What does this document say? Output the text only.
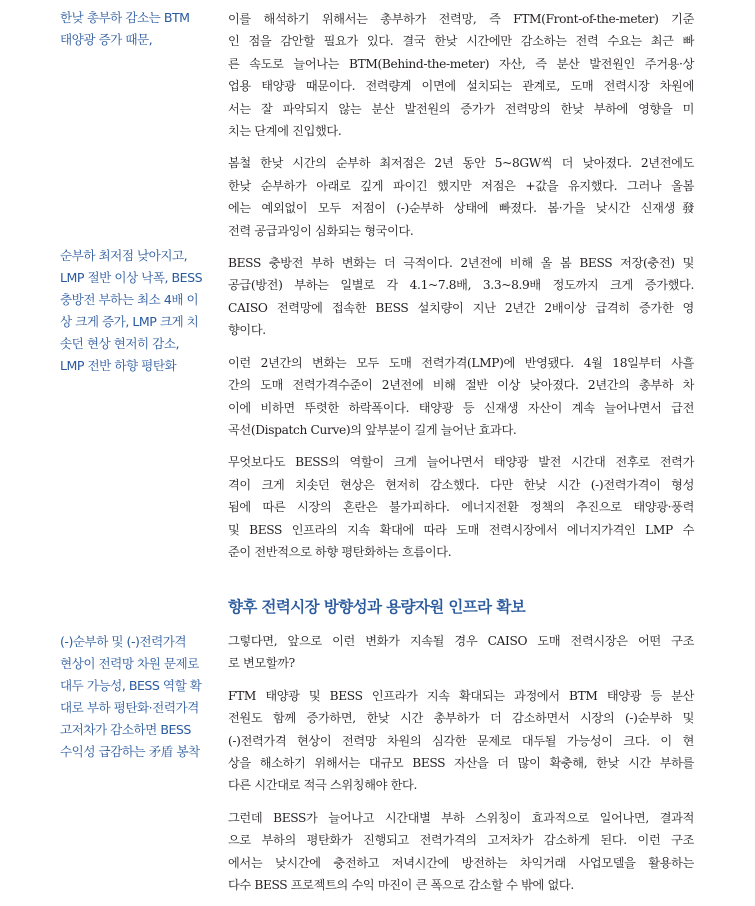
한낮 총부하 감소는 BTM
태양광 증가 때문,
순부하 최저점 낮아지고,
LMP 절반 이상 낙폭, BESS
충방전 부하는 최소 4배 이
상 크게 증가, LMP 크게 치
솟던 현상 현저히 감소,
LMP 전반 하향 평탄화
(-)순부하 및 (-)전력가격
현상이 전력망 차원 문제로
대두 가능성, BESS 역할 확
대로 부하 평탄화·전력가격
고저차가 감소하면 BESS
수익성 급감하는 矛盾 봉착
이를 해석하기 위해서는 총부하가 전력망, 즉 FTM(Front-of-the-meter) 기준
인 점을 감안할 필요가 있다. 결국 한낮 시간에만 감소하는 전력 수요는 최근 빠
른 속도로 늘어나는 BTM(Behind-the-meter) 자산, 즉 분산 발전원인 주거용·상
업용 태양광 때문이다. 전력량계 이면에 설치되는 관계로, 도매 전력시장 차원에
서는 잘 파악되지 않는 분산 발전원의 증가가 전력망의 한낮 부하에 영향을 미
치는 단계에 진입했다.
봄철 한낮 시간의 순부하 최저점은 2년 동안 5~8GW씩 더 낮아졌다. 2년전에도
한낮 순부하가 아래로 깊게 파이긴 했지만 저점은 +값을 유지했다. 그러나 올봄
에는 예외없이 모두 저점이 (-)순부하 상태에 빠졌다. 봄·가을 낮시간 신재생發
전력 공급과잉이 심화되는 형국이다.
BESS 충방전 부하 변화는 더 극적이다. 2년전에 비해 올 봄 BESS 저장(충전) 및
공급(방전) 부하는 일별로 각 4.1~7.8배, 3.3~8.9배 정도까지 크게 증가했다.
CAISO 전력망에 접속한 BESS 설치량이 지난 2년간 2배이상 급격히 증가한 영
향이다.
이런 2년간의 변화는 모두 도매 전력가격(LMP)에 반영됐다. 4월 18일부터 사흘
간의 도매 전력가격수준이 2년전에 비해 절반 이상 낮아졌다. 2년간의 총부하 차
이에 비하면 뚜렷한 하락폭이다. 태양광 등 신재생 자산이 계속 늘어나면서 급전
곡선(Dispatch Curve)의 앞부분이 길게 늘어난 효과다.
무엇보다도 BESS의 역할이 크게 늘어나면서 태양광 발전 시간대 전후로 전력가
격이 크게 치솟던 현상은 현저히 감소했다. 다만 한낮 시간 (-)전력가격이 형성
됨에 따른 시장의 혼란은 불가피하다. 에너지전환 정책의 추진으로 태양광·풍력
및 BESS 인프라의 지속 확대에 따라 도매 전력시장에서 에너지가격인 LMP 수
준이 전반적으로 하향 평탄화하는 흐름이다.
향후 전력시장 방향성과 용량자원 인프라 확보
그렇다면, 앞으로 이런 변화가 지속될 경우 CAISO 도매 전력시장은 어떤 구조
로 변모할까?
FTM 태양광 및 BESS 인프라가 지속 확대되는 과정에서 BTM 태양광 등 분산
전원도 함께 증가하면, 한낮 시간 총부하가 더 감소하면서 시장의 (-)순부하 및
(-)전력가격 현상이 전력망 차원의 심각한 문제로 대두될 가능성이 크다. 이 현
상을 해소하기 위해서는 대규모 BESS 자산을 더 많이 확충해, 한낮 시간 부하를
다른 시간대로 적극 스위칭해야 한다.
그런데 BESS가 늘어나고 시간대별 부하 스위칭이 효과적으로 일어나면, 결과적
으로 부하의 평탄화가 진행되고 전력가격의 고저차가 감소하게 된다. 이런 구조
에서는 낮시간에 충전하고 저녁시간에 방전하는 차익거래 사업모델을 활용하는
다수 BESS 프로젝트의 수익 마진이 큰 폭으로 감소할 수 밖에 없다.
